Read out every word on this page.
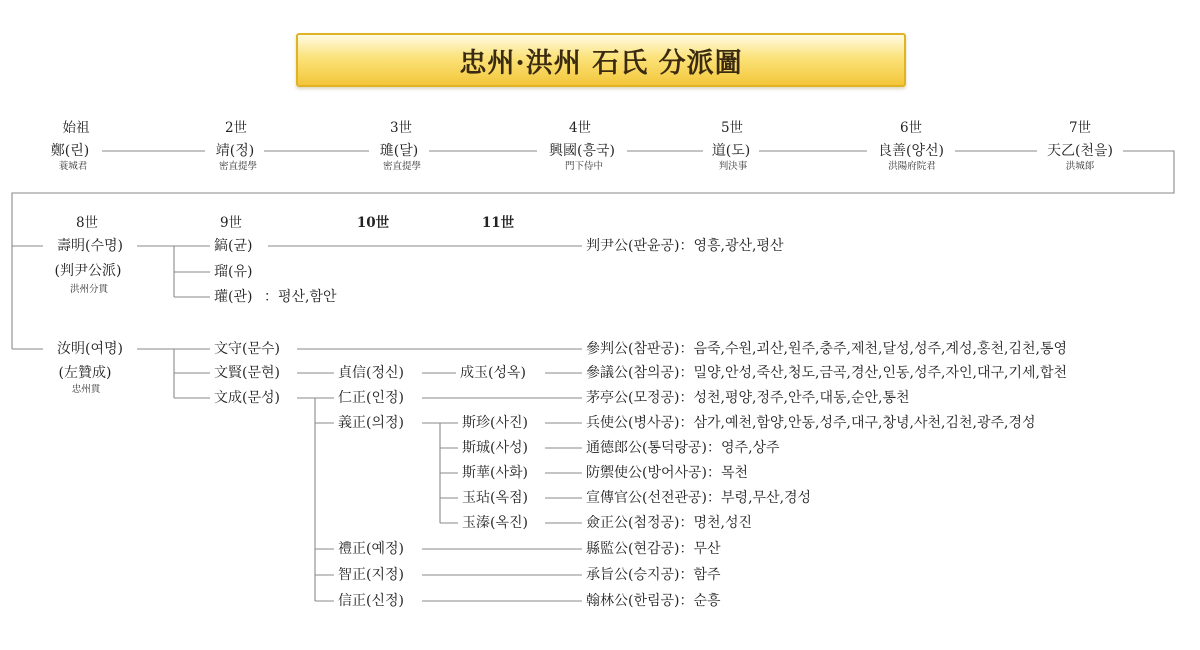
忠州·洪州 石氏 分派圖
始祖	2世	3世	4世	5世	6世	7世
鄭(린)
蓑城君
靖(정)
密直提學
璡(달)
密直提學
興國(흥국)
門下侍中
道(도)
判決事
良善(양선)
洪陽府院君
天乙(천을)
洪城郞
8世	9世	10世	11世
壽明(수명)
(判尹公派)
洪州分貫
汝明(여명)
(左贊成)
忠州貫
鎬(균)
瑠(유)
瓘(관) ：평산,함안
文守(문수)
文賢(문현)
文成(문성)
貞信(정신)
仁正(인정)
義正(의정)
禮正(예정)
智正(지정)
信正(신정)
成玉(성옥)
斯珍(사진)
斯珹(사성)
斯華(사화)
玉玷(옥점)
玉溱(옥진)
判尹公(판윤공)：영흥,광산,평산
參判公(참판공)：음죽,수원,괴산,원주,충주,제천,달성,성주,계성,홍천,김천,통영
參議公(참의공)：밀양,안성,죽산,청도,금곡,경산,인동,성주,자인,대구,기세,합천
茅亭公(모정공)：성천,평양,정주,안주,대동,순안,통천
兵使公(병사공)：삼가,예천,함양,안동,성주,대구,창녕,사천,김천,광주,경성
通德郎公(통덕랑공)：영주,상주
防禦使公(방어사공)：목천
宣傳官公(선전관공)：부령,무산,경성
僉正公(첨정공)：명천,성진
縣監公(현감공)：무산
承旨公(승지공)：함주
翰林公(한림공)：순흥
